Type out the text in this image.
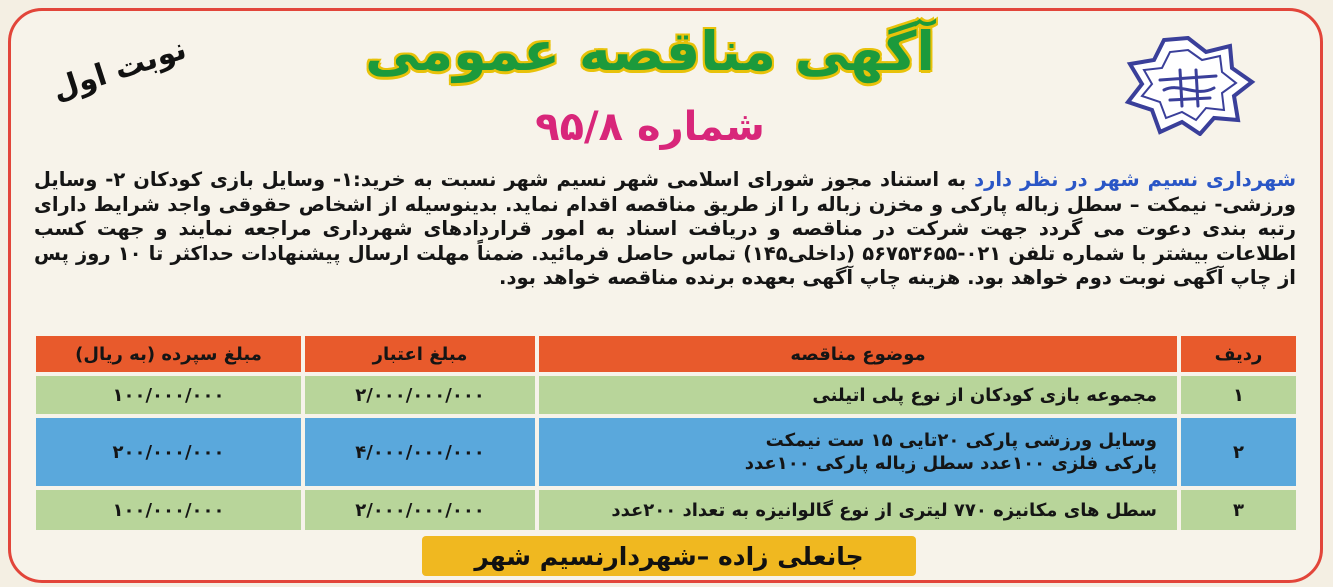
نوبت اول	آگهی مناقصه عمومی
شماره ۹۵/۸
شهرداری نسیم شهر در نظر دارد به استناد مجوز شورای اسلامی شهر نسیم شهر نسبت به خرید:۱- وسایل بازی کودکان ۲- وسایل ورزشی- نیمکت – سطل زباله پارکی و مخزن زباله را از طریق مناقصه اقدام نماید. بدینوسیله از اشخاص حقوقی واجد شرایط دارای رتبه بندی دعوت می گردد جهت شرکت در مناقصه و دریافت اسناد به امور قراردادهای شهرداری مراجعه نمایند و جهت کسب اطلاعات بیشتر با شماره تلفن ۰۲۱-۵۶۷۵۳۶۵۵ (داخلی۱۴۵) تماس حاصل فرمائید. ضمناً مهلت ارسال پیشنهادات حداکثر تا ۱۰ روز پس از چاپ آگهی نوبت دوم خواهد بود. هزینه چاپ آگهی بعهده برنده مناقصه خواهد بود.
ردیف
موضوع مناقصه
مبلغ اعتبار
مبلغ سپرده (به ریال)
۱
مجموعه بازی کودکان از نوع پلی اتیلنی
۲/۰۰۰/۰۰۰/۰۰۰
۱۰۰/۰۰۰/۰۰۰
۲
وسایل ورزشی پارکی ۲۰تایی ۱۵ ست نیمکت پارکی فلزی ۱۰۰عدد سطل زباله پارکی ۱۰۰عدد
۴/۰۰۰/۰۰۰/۰۰۰
۲۰۰/۰۰۰/۰۰۰
۳
سطل های مکانیزه ۷۷۰ لیتری از نوع گالوانیزه به تعداد ۲۰۰عدد
۲/۰۰۰/۰۰۰/۰۰۰
۱۰۰/۰۰۰/۰۰۰
جانعلی زاده –شهردارنسیم شهر
